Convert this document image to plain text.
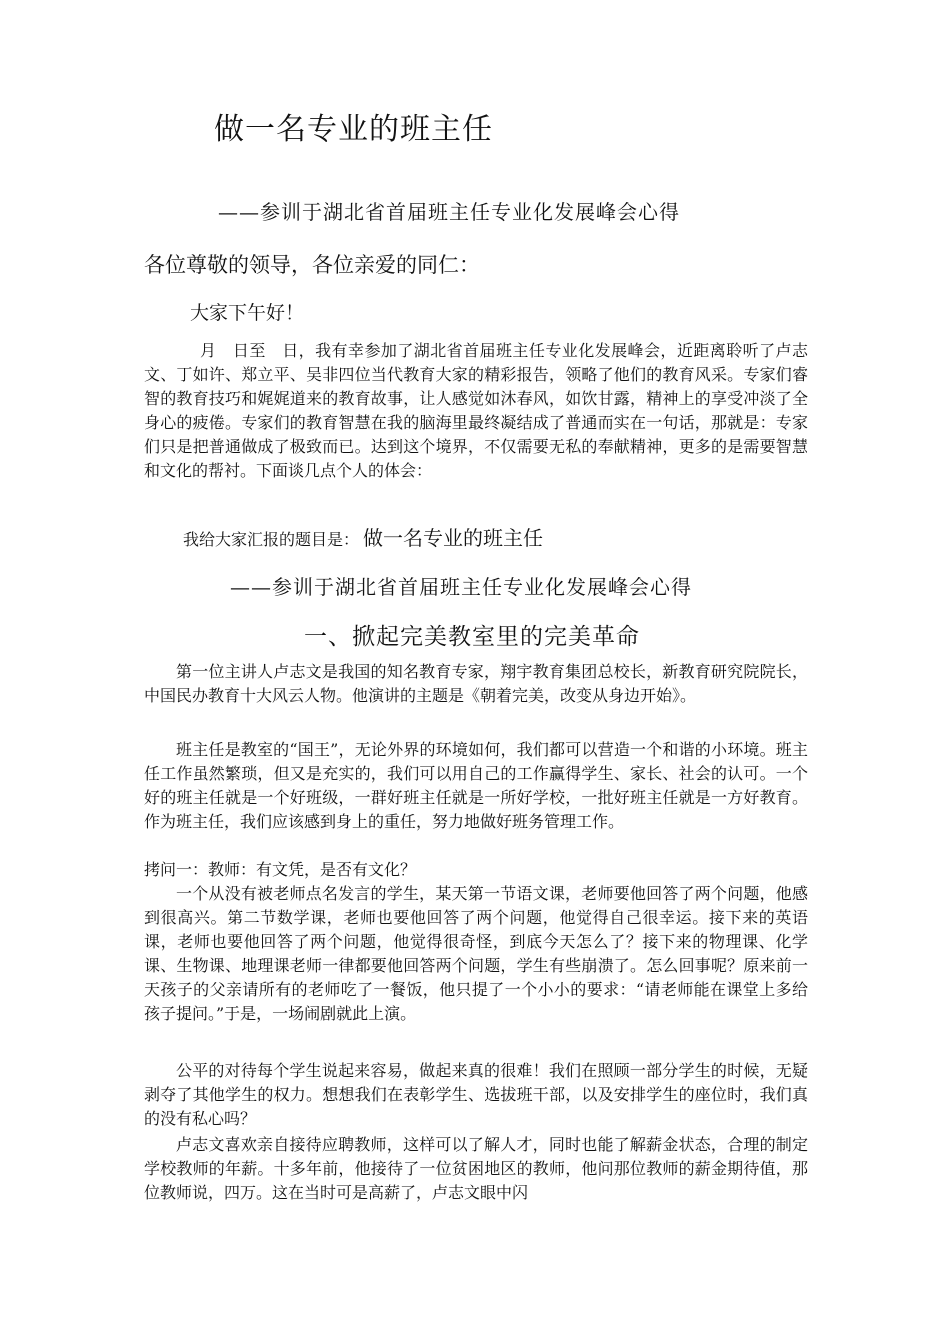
做一名专业的班主任
——参训于湖北省首届班主任专业化发展峰会心得
各位尊敬的领导，各位亲爱的同仁：
大家下午好！

月　日至　日，我有幸参加了湖北省首届班主任专业化发展峰会，近距离聆听了卢志文、丁如许、郑立平、吴非四位当代教育大家的精彩报告，领略了他们的教育风采。专家们睿智的教育技巧和娓娓道来的教育故事，让人感觉如沐春风，如饮甘露，精神上的享受冲淡了全身心的疲倦。专家们的教育智慧在我的脑海里最终凝结成了普通而实在一句话，那就是：专家们只是把普通做成了极致而已。达到这个境界，不仅需要无私的奉献精神，更多的是需要智慧和文化的帮衬。下面谈几点个人的体会：

我给大家汇报的题目是： 做一名专业的班主任
——参训于湖北省首届班主任专业化发展峰会心得
一、掀起完美教室里的完美革命

第一位主讲人卢志文是我国的知名教育专家，翔宇教育集团总校长，新教育研究院院长，中国民办教育十大风云人物。他演讲的主题是《朝着完美，改变从身边开始》。

班主任是教室的“国王”，无论外界的环境如何，我们都可以营造一个和谐的小环境。班主任工作虽然繁琐，但又是充实的，我们可以用自己的工作赢得学生、家长、社会的认可。一个好的班主任就是一个好班级，一群好班主任就是一所好学校，一批好班主任就是一方好教育。作为班主任，我们应该感到身上的重任，努力地做好班务管理工作。

拷问一：教师：有文凭，是否有文化？

一个从没有被老师点名发言的学生，某天第一节语文课，老师要他回答了两个问题，他感到很高兴。第二节数学课，老师也要他回答了两个问题，他觉得自己很幸运。接下来的英语课，老师也要他回答了两个问题，他觉得很奇怪，到底今天怎么了？接下来的物理课、化学课、生物课、地理课老师一律都要他回答两个问题，学生有些崩溃了。怎么回事呢？原来前一天孩子的父亲请所有的老师吃了一餐饭，他只提了一个小小的要求：“请老师能在课堂上多给孩子提问。”于是，一场闹剧就此上演。

公平的对待每个学生说起来容易，做起来真的很难！我们在照顾一部分学生的时候，无疑剥夺了其他学生的权力。想想我们在表彰学生、选拔班干部，以及安排学生的座位时，我们真的没有私心吗？

卢志文喜欢亲自接待应聘教师，这样可以了解人才，同时也能了解薪金状态，合理的制定学校教师的年薪。十多年前，他接待了一位贫困地区的教师，他问那位教师的薪金期待值，那位教师说，四万。这在当时可是高薪了，卢志文眼中闪
